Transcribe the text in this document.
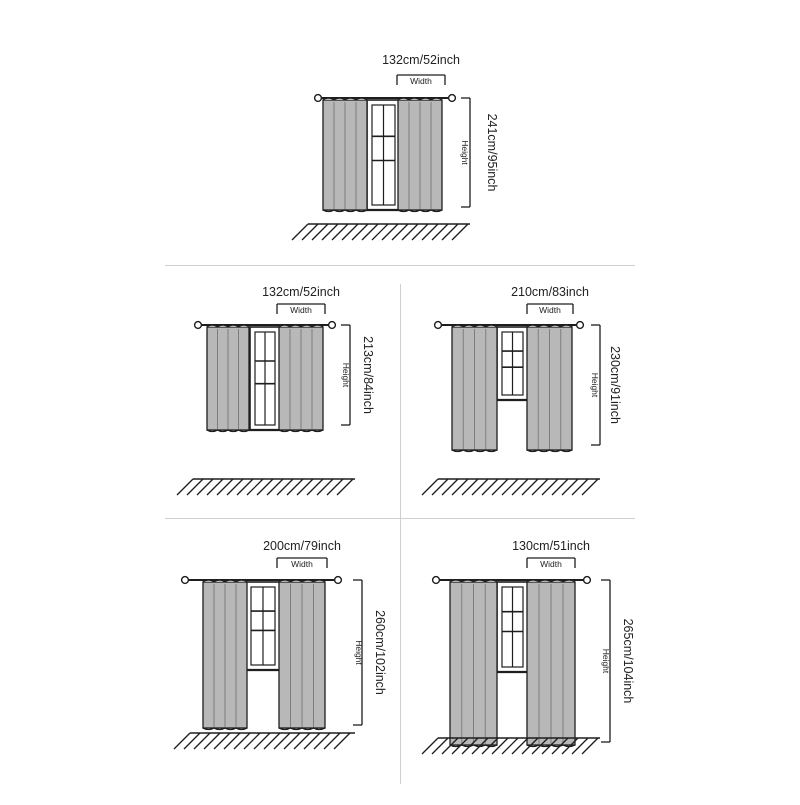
Width
132cm/52inch
Height 241cm/95inch
Width
132cm/52inch
Height 213cm/84inch
Width
210cm/83inch
Height 230cm/91inch
Width
200cm/79inch
Height 260cm/102inch
Width
130cm/51inch
Height 265cm/104inch
